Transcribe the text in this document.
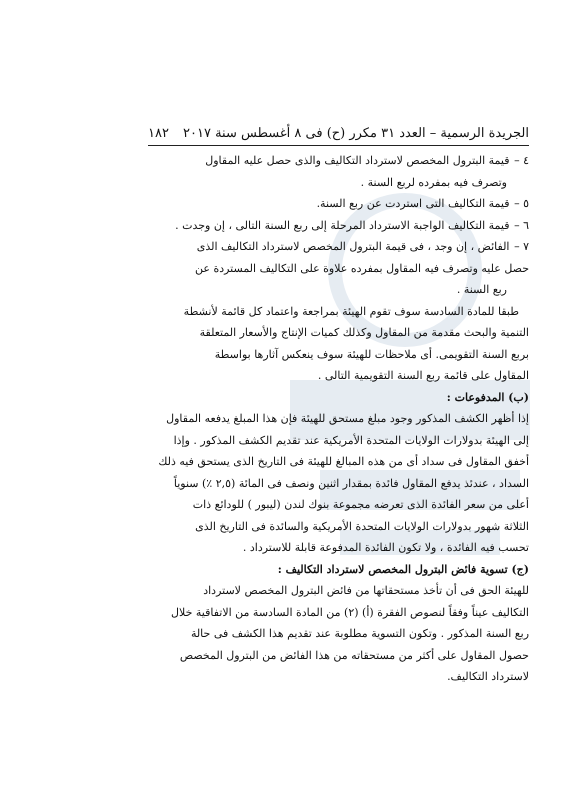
الجريدة الرسمية – العدد ٣١ مكرر (ح) فى ٨ أغسطس سنة ٢٠١٧
١٨٢

٤ – قيمة البترول المخصص لاسترداد التكاليف والذى حصل عليه المقاول

وتصرف فيه بمفرده لربع السنة .

٥ – قيمة التكاليف التى استردت عن ربع السنة.

٦ – قيمة التكاليف الواجبة الاسترداد المرحلة إلى ربع السنة التالى ، إن وجدت .

٧ – الفائض ، إن وجد ، فى قيمة البترول المخصص لاسترداد التكاليف الذى

حصل عليه وتصرف فيه المقاول بمفرده علاوة على التكاليف المستردة عن

ربع السنة .

طبقا للمادة السادسة سوف تقوم الهيئة بمراجعة واعتماد كل قائمة لأنشطة

التنمية والبحث مقدمة من المقاول وكذلك كميات الإنتاج والأسعار المتعلقة

بربع السنة التقويمى. أى ملاحظات للهيئة سوف ينعكس آثارها بواسطة

المقاول على قائمة ربع السنة التقويمية التالى .

(ب) المدفوعات :

إذا أظهر الكشف المذكور وجود مبلغ مستحق للهيئة فإن هذا المبلغ يدفعه المقاول

إلى الهيئة بدولارات الولايات المتحدة الأمريكية عند تقديم الكشف المذكور . وإذا

أخفق المقاول فى سداد أى من هذه المبالغ للهيئة فى التاريخ الذى يستحق فيه ذلك

السداد ، عندئذ يدفع المقاول فائدة بمقدار اثنين ونصف فى المائة (٢,٥ ٪) سنوياً

أعلى من سعر الفائدة الذى تعرضه مجموعة بنوك لندن (ليبور ) للودائع ذات

الثلاثة شهور بدولارات الولايات المتحدة الأمريكية والسائدة فى التاريخ الذى

تحسب فيه الفائدة ، ولا تكون الفائدة المدفوعة قابلة للاسترداد .

(ج) تسوية فائض البترول المخصص لاسترداد التكاليف :

للهيئة الحق فى أن تأخذ مستحقاتها من فائض البترول المخصص لاسترداد

التكاليف عيناً وفقاً لنصوص الفقرة (أ) (٢) من المادة السادسة من الاتفاقية خلال

ربع السنة المذكور . وتكون التسوية مطلوبة عند تقديم هذا الكشف فى حالة

حصول المقاول على أكثر من مستحقاته من هذا الفائض من البترول المخصص

لاسترداد التكاليف.
